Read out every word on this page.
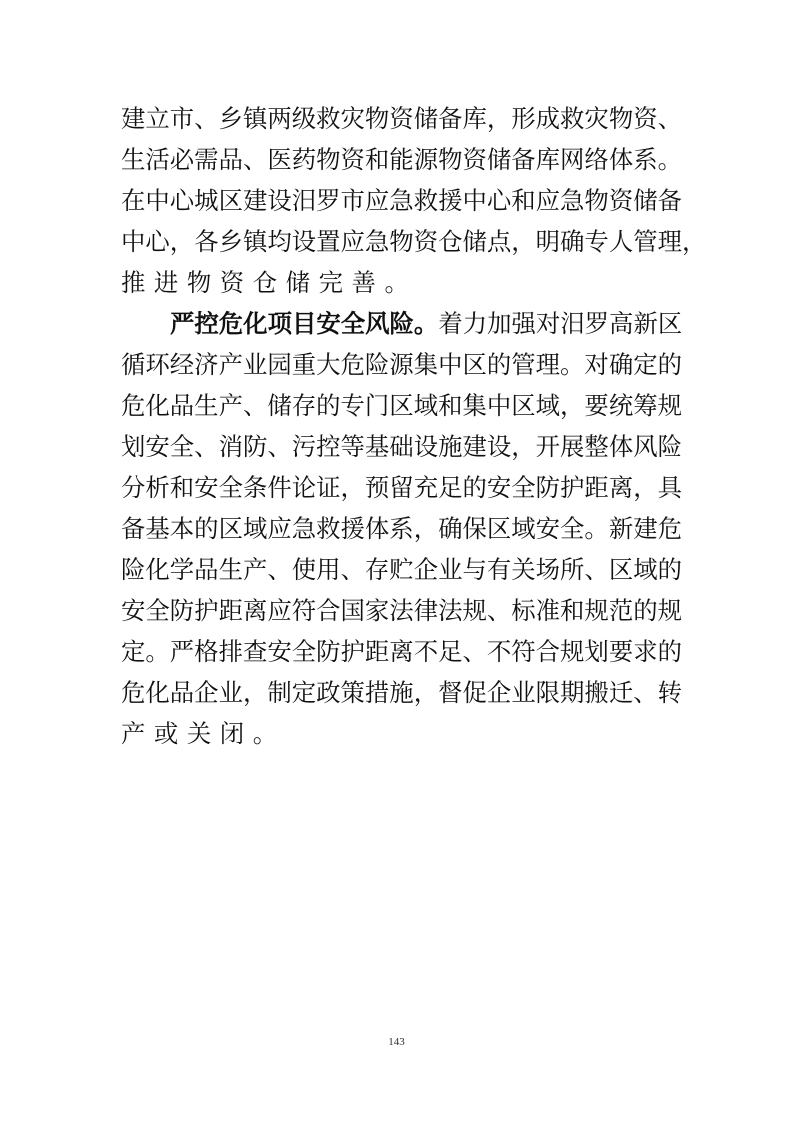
建立市、乡镇两级救灾物资储备库，形成救灾物资、
生活必需品、医药物资和能源物资储备库网络体系。
在中心城区建设汨罗市应急救援中心和应急物资储备
中心，各乡镇均设置应急物资仓储点，明确专人管理，
推进物资仓储完善。
严控危化项目安全风险。着力加强对汨罗高新区
循环经济产业园重大危险源集中区的管理。对确定的
危化品生产、储存的专门区域和集中区域，要统筹规
划安全、消防、污控等基础设施建设，开展整体风险
分析和安全条件论证，预留充足的安全防护距离，具
备基本的区域应急救援体系，确保区域安全。新建危
险化学品生产、使用、存贮企业与有关场所、区域的
安全防护距离应符合国家法律法规、标准和规范的规
定。严格排查安全防护距离不足、不符合规划要求的
危化品企业，制定政策措施，督促企业限期搬迁、转
产或关闭。
143
